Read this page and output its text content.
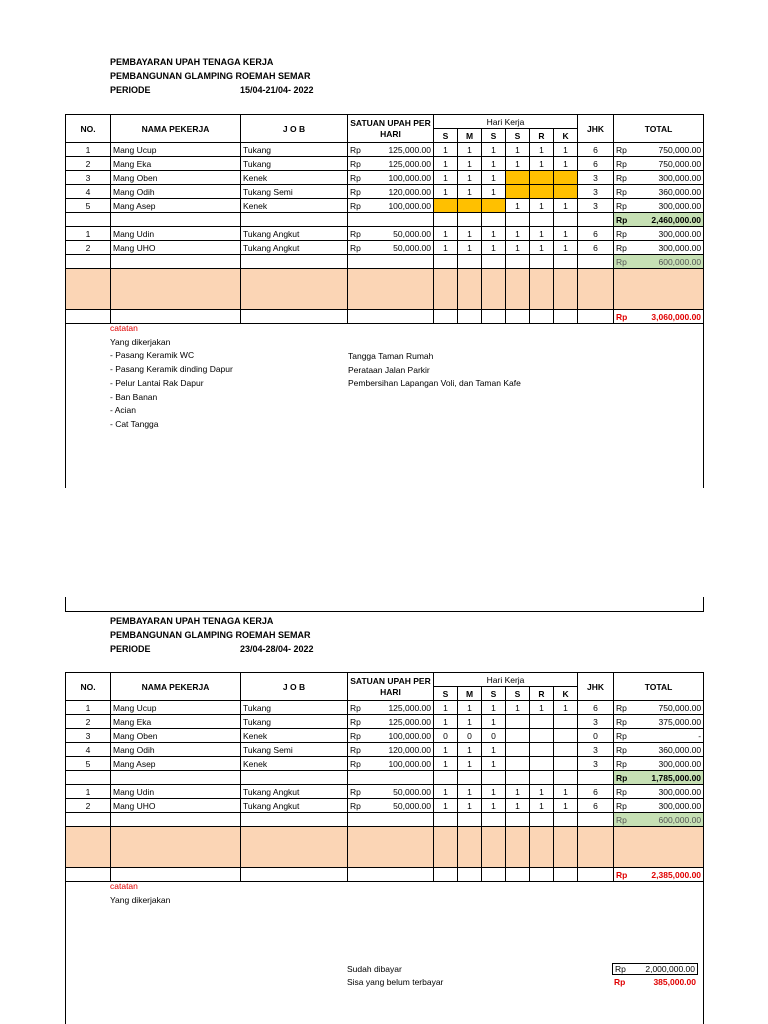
PEMBAYARAN UPAH TENAGA KERJA
PEMBANGUNAN GLAMPING ROEMAH SEMAR
PERIODE	15/04-21/04- 2022
NO.	NAMA PEKERJA	J O B	SATUAN UPAH PER HARI	Hari Kerja						JHK	TOTAL
				S	M	S	S	R	K		
1	Mang Ucup	Tukang	Rp 125,000.00	1	1	1	1	1	1	6	Rp 750,000.00

2	Mang Eka	Tukang	Rp 125,000.00	1	1	1	1	1	1	6	Rp 750,000.00

3	Mang Oben	Kenek	Rp 100,000.00	1	1	1				3	Rp 300,000.00

4	Mang Odih	Tukang Semi	Rp 120,000.00	1	1	1				3	Rp 360,000.00

5	Mang Asep	Kenek	Rp 100,000.00				1	1	1	3	Rp 300,000.00

											Rp 2,460,000.00

1	Mang Udin	Tukang Angkut	Rp 50,000.00	1	1	1	1	1	1	6	Rp 300,000.00

2	Mang UHO	Tukang Angkut	Rp 50,000.00	1	1	1	1	1	1	6	Rp 300,000.00

											Rp 600,000.00

											Rp 3,060,000.00
catatan
Yang dikerjakan
- Pasang Keramik WC
- Pasang Keramik dinding Dapur
- Pelur Lantai Rak Dapur
- Ban Banan
- Acian
- Cat Tangga
Tangga Taman Rumah
Perataan Jalan Parkir
Pembersihan Lapangan Voli, dan Taman Kafe
PEMBAYARAN UPAH TENAGA KERJA
PEMBANGUNAN GLAMPING ROEMAH SEMAR
PERIODE	23/04-28/04- 2022
NO.	NAMA PEKERJA	J O B	SATUAN UPAH PER HARI	Hari Kerja						JHK	TOTAL
				S	M	S	S	R	K		
1	Mang Ucup	Tukang	Rp 125,000.00	1	1	1	1	1	1	6	Rp 750,000.00

2	Mang Eka	Tukang	Rp 125,000.00	1	1	1				3	Rp 375,000.00

3	Mang Oben	Kenek	Rp 100,000.00	0	0	0				0	Rp -

4	Mang Odih	Tukang Semi	Rp 120,000.00	1	1	1				3	Rp 360,000.00

5	Mang Asep	Kenek	Rp 100,000.00	1	1	1				3	Rp 300,000.00

											Rp 1,785,000.00

1	Mang Udin	Tukang Angkut	Rp 50,000.00	1	1	1	1	1	1	6	Rp 300,000.00

2	Mang UHO	Tukang Angkut	Rp 50,000.00	1	1	1	1	1	1	6	Rp 300,000.00

											Rp 600,000.00

											Rp 2,385,000.00
catatan
Yang dikerjakan
Sudah dibayar	Rp 2,000,000.00
Sisa yang belum terbayar	Rp	385,000.00
